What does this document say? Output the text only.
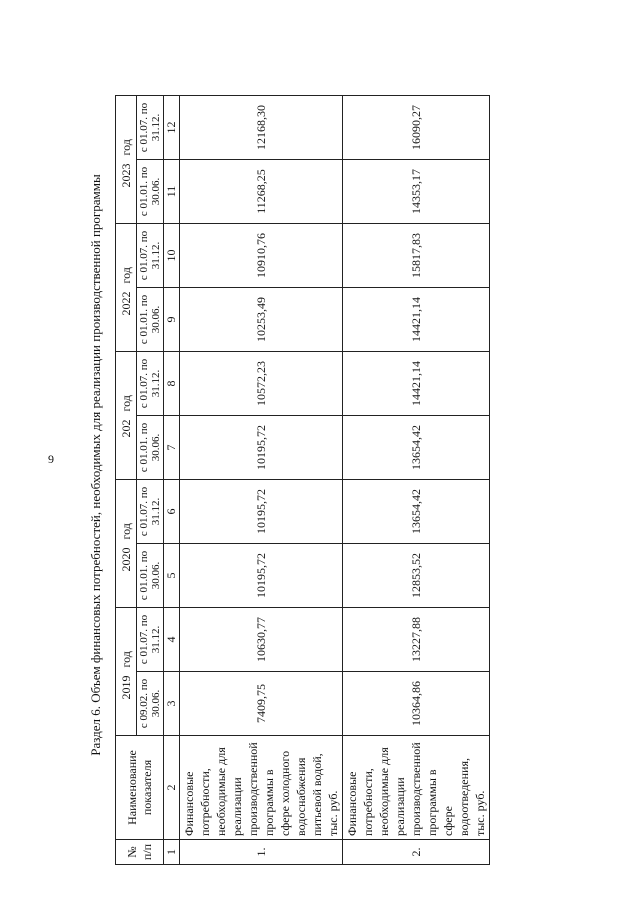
9	Раздел 6. Объем финансовых потребностей, необходимых для реализации производственной программы
№ п/п	Наименование показателя	2019год		2020год		202год		2022год		2023год	
		с 09.02. по 30.06.	с 01.07. по 31.12.	с 01.01. по 30.06.	с 01.07. по 31.12.	с 01.01. по 30.06.	с 01.07. по 31.12.	с 01.01. по 30.06.	с 01.07. по 31.12.	с 01.01. по 30.06.	с 01.07. по 31.12.
1	2	3	4	5	6	7	8	9	10	11	12
1.	Финансовые потребности, необходимые для реализации производственной программы в сфере холодного водоснабжения питьевой водой, тыс. руб.	7409,75	10630,77	10195,72	10195,72	10195,72	10572,23	10253,49	10910,76	11268,25	12168,30
2.	Финансовые потребности, необходимые для реализации производственной программы в сфере водоотведения, тыс. руб.	10364,86	13227,88	12853,52	13654,42	13654,42	14421,14	14421,14	15817,83	14353,17	16090,27
